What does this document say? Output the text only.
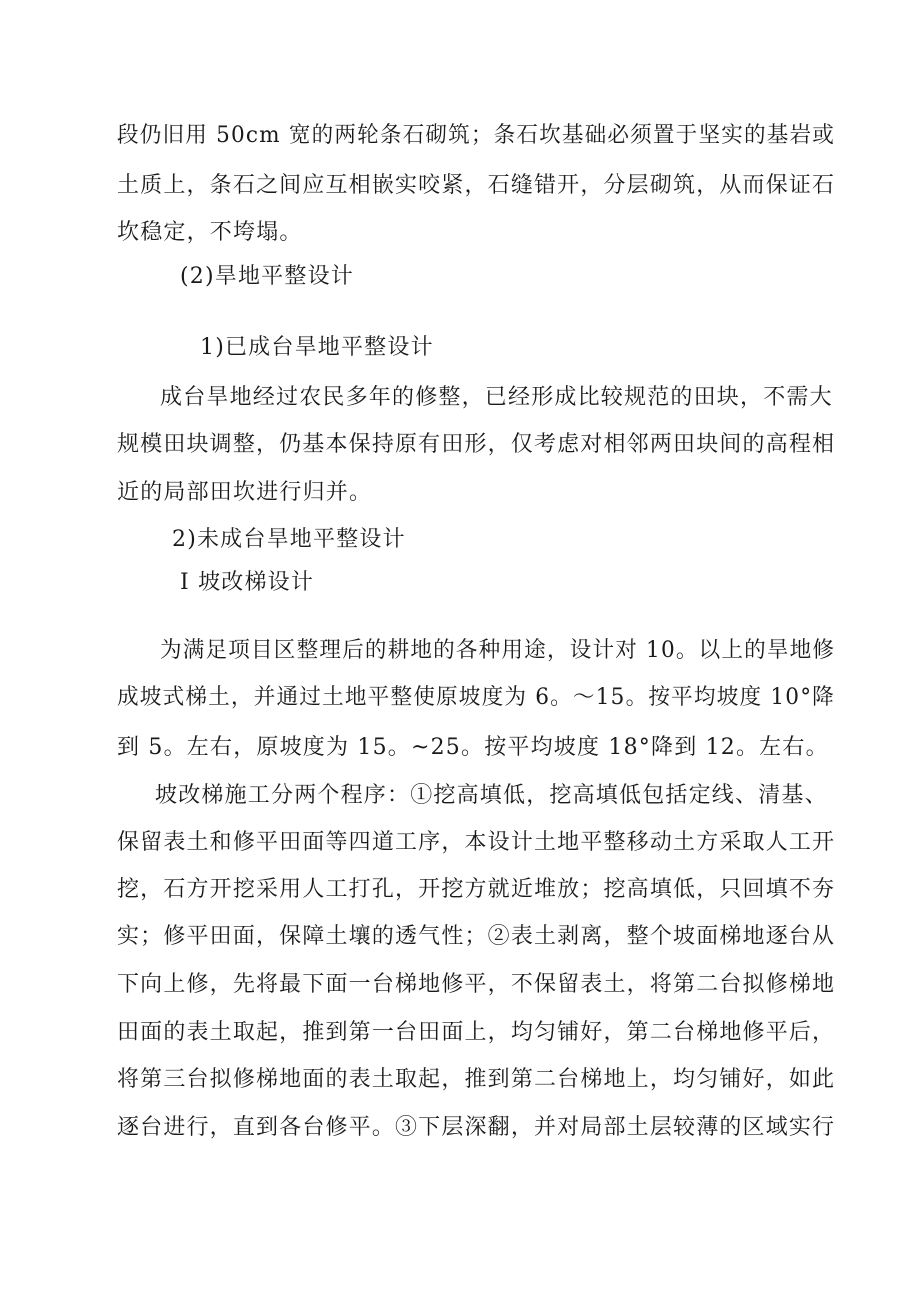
段仍旧用 50cm 宽的两轮条石砌筑；条石坎基础必须置于坚实的基岩或
土质上，条石之间应互相嵌实咬紧，石缝错开，分层砌筑，从而保证石
坎稳定，不垮塌。
(2)旱地平整设计
1)已成台旱地平整设计
成台旱地经过农民多年的修整，已经形成比较规范的田块，不需大
规模田块调整，仍基本保持原有田形，仅考虑对相邻两田块间的高程相
近的局部田坎进行归并。
2)未成台旱地平整设计
I 坡改梯设计
为满足项目区整理后的耕地的各种用途，设计对 10。以上的旱地修
成坡式梯土，并通过土地平整使原坡度为 6。～15。按平均坡度 10°降
到 5。左右，原坡度为 15。~25。按平均坡度 18°降到 12。左右。
坡改梯施工分两个程序：①挖高填低，挖高填低包括定线、清基、
保留表土和修平田面等四道工序，本设计土地平整移动土方采取人工开
挖，石方开挖采用人工打孔，开挖方就近堆放；挖高填低，只回填不夯
实；修平田面，保障土壤的透气性；②表土剥离，整个坡面梯地逐台从
下向上修，先将最下面一台梯地修平，不保留表土，将第二台拟修梯地
田面的表土取起，推到第一台田面上，均匀铺好，第二台梯地修平后，
将第三台拟修梯地面的表土取起，推到第二台梯地上，均匀铺好，如此
逐台进行，直到各台修平。③下层深翻，并对局部土层较薄的区域实行
